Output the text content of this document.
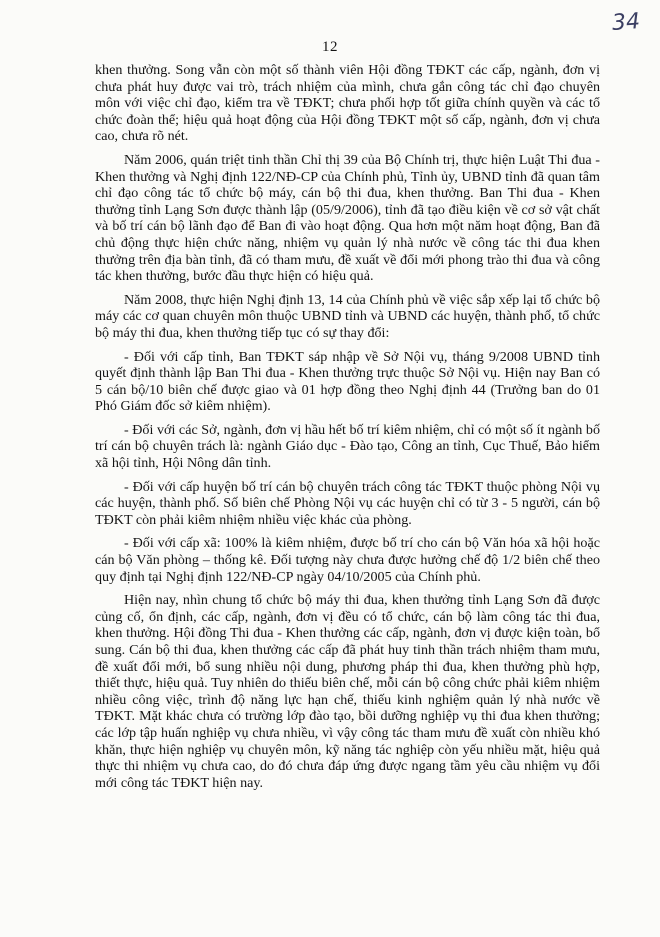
34
12

khen thưởng. Song vẫn còn một số thành viên Hội đồng TĐKT các cấp, ngành, đơn vị chưa phát huy được vai trò, trách nhiệm của mình, chưa gắn công tác chỉ đạo chuyên môn với việc chỉ đạo, kiểm tra về TĐKT; chưa phối hợp tốt giữa chính quyền và các tổ chức đoàn thể; hiệu quả hoạt động của Hội đồng TĐKT một số cấp, ngành, đơn vị chưa cao, chưa rõ nét.

Năm 2006, quán triệt tinh thần Chỉ thị 39 của Bộ Chính trị, thực hiện Luật Thi đua - Khen thưởng và Nghị định 122/NĐ-CP của Chính phủ, Tỉnh ủy, UBND tỉnh đã quan tâm chỉ đạo công tác tổ chức bộ máy, cán bộ thi đua, khen thưởng. Ban Thi đua - Khen thưởng tỉnh Lạng Sơn được thành lập (05/9/2006), tỉnh đã tạo điều kiện về cơ sở vật chất và bố trí cán bộ lãnh đạo để Ban đi vào hoạt động. Qua hơn một năm hoạt động, Ban đã chủ động thực hiện chức năng, nhiệm vụ quản lý nhà nước về công tác thi đua khen thưởng trên địa bàn tỉnh, đã có tham mưu, đề xuất về đổi mới phong trào thi đua và công tác khen thưởng, bước đầu thực hiện có hiệu quả.

Năm 2008, thực hiện Nghị định 13, 14 của Chính phủ về việc sắp xếp lại tổ chức bộ máy các cơ quan chuyên môn thuộc UBND tỉnh và UBND các huyện, thành phố, tổ chức bộ máy thi đua, khen thưởng tiếp tục có sự thay đổi:

- Đối với cấp tỉnh, Ban TĐKT sáp nhập về Sở Nội vụ, tháng 9/2008 UBND tỉnh quyết định thành lập Ban Thi đua - Khen thưởng trực thuộc Sở Nội vụ. Hiện nay Ban có 5 cán bộ/10 biên chế được giao và 01 hợp đồng theo Nghị định 44 (Trưởng ban do 01 Phó Giám đốc sở kiêm nhiệm).

- Đối với các Sở, ngành, đơn vị hầu hết bố trí kiêm nhiệm, chỉ có một số ít ngành bố trí cán bộ chuyên trách là: ngành Giáo dục - Đào tạo, Công an tỉnh, Cục Thuế, Bảo hiểm xã hội tỉnh, Hội Nông dân tỉnh.

- Đối với cấp huyện bố trí cán bộ chuyên trách công tác TĐKT thuộc phòng Nội vụ các huyện, thành phố. Số biên chế Phòng Nội vụ các huyện chỉ có từ 3 - 5 người, cán bộ TĐKT còn phải kiêm nhiệm nhiều việc khác của phòng.

- Đối với cấp xã: 100% là kiêm nhiệm, được bố trí cho cán bộ Văn hóa xã hội hoặc cán bộ Văn phòng – thống kê. Đối tượng này chưa được hưởng chế độ 1/2 biên chế theo quy định tại Nghị định 122/NĐ-CP ngày 04/10/2005 của Chính phủ.

Hiện nay, nhìn chung tổ chức bộ máy thi đua, khen thưởng tỉnh Lạng Sơn đã được củng cố, ổn định, các cấp, ngành, đơn vị đều có tổ chức, cán bộ làm công tác thi đua, khen thưởng. Hội đồng Thi đua - Khen thưởng các cấp, ngành, đơn vị được kiện toàn, bổ sung. Cán bộ thi đua, khen thưởng các cấp đã phát huy tinh thần trách nhiệm tham mưu, đề xuất đổi mới, bổ sung nhiều nội dung, phương pháp thi đua, khen thưởng phù hợp, thiết thực, hiệu quả. Tuy nhiên do thiếu biên chế, mỗi cán bộ công chức phải kiêm nhiệm nhiều công việc, trình độ năng lực hạn chế, thiếu kinh nghiệm quản lý nhà nước về TĐKT. Mặt khác chưa có trường lớp đào tạo, bồi dưỡng nghiệp vụ thi đua khen thưởng; các lớp tập huấn nghiệp vụ chưa nhiều, vì vậy công tác tham mưu đề xuất còn nhiều khó khăn, thực hiện nghiệp vụ chuyên môn, kỹ năng tác nghiệp còn yếu nhiều mặt, hiệu quả thực thi nhiệm vụ chưa cao, do đó chưa đáp ứng được ngang tầm yêu cầu nhiệm vụ đổi mới công tác TĐKT hiện nay.
